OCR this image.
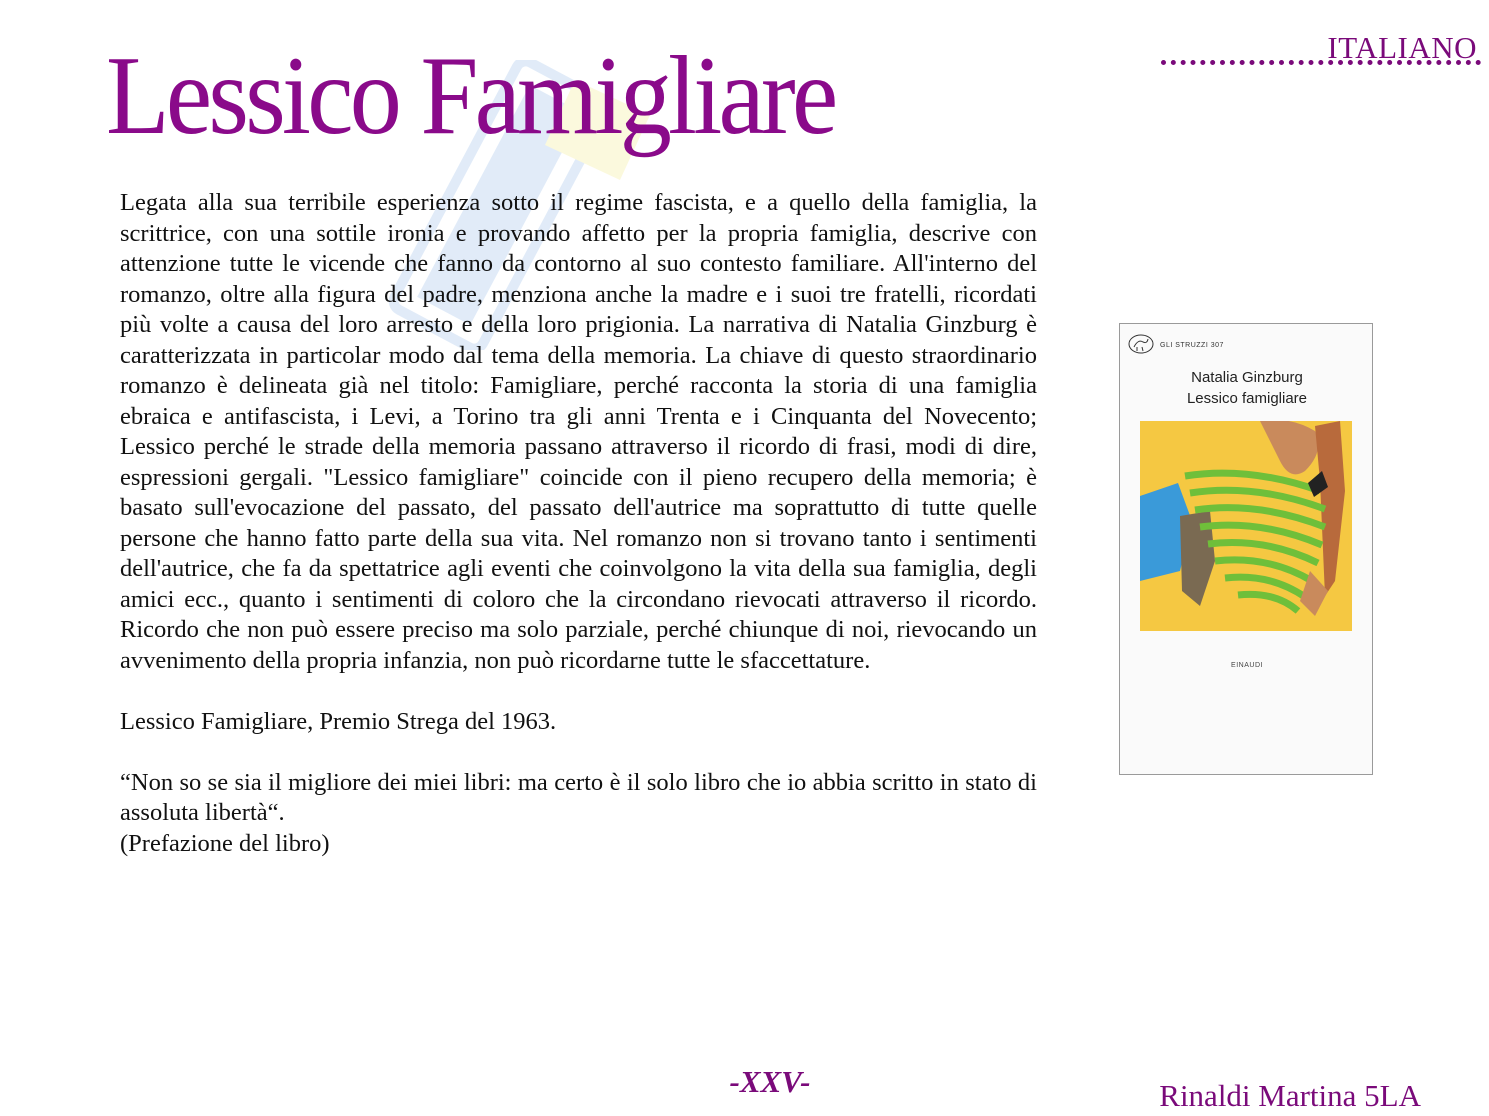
ITALIANO
Lessico Famigliare

Legata alla sua terribile esperienza sotto il regime fascista, e a quello della famiglia, la scrittrice, con una sottile ironia e provando affetto per la propria famiglia, descrive con attenzione tutte le vicende che fanno da contorno al suo contesto familiare. All'interno del romanzo, oltre alla figura del padre, menziona anche la madre e i suoi tre fratelli, ricordati più volte a causa del loro arresto e della loro prigionia. La narrativa di Natalia Ginzburg è caratterizzata in particolar modo dal tema della memoria. La chiave di questo straordinario romanzo è delineata già nel titolo: Famigliare, perché racconta la storia di una famiglia ebraica e antifascista, i Levi, a Torino tra gli anni Trenta e i Cinquanta del Novecento; Lessico perché le strade della memoria passano attraverso il ricordo di frasi, modi di dire, espressioni gergali. "Lessico famigliare" coincide con il pieno recupero della memoria; è basato sull'evocazione del passato, del passato dell'autrice ma soprattutto di tutte quelle persone che hanno fatto parte della sua vita. Nel romanzo non si trovano tanto i sentimenti dell'autrice, che fa da spettatrice agli eventi che coinvolgono la vita della sua famiglia, degli amici ecc., quanto i sentimenti di coloro che la circondano rievocati attraverso il ricordo. Ricordo che non può essere preciso ma solo parziale, perché chiunque di noi, rievocando un avvenimento della propria infanzia, non può ricordarne tutte le sfaccettature.

Lessico Famigliare, Premio Strega del 1963.

“Non so se sia il migliore dei miei libri: ma certo è il solo libro che io abbia scritto in stato di assoluta libertà“.

(Prefazione del libro)

GLI STRUZZI 307
Natalia Ginzburg
Lessico famigliare
EINAUDI
-XXV-	Rinaldi Martina 5LA
